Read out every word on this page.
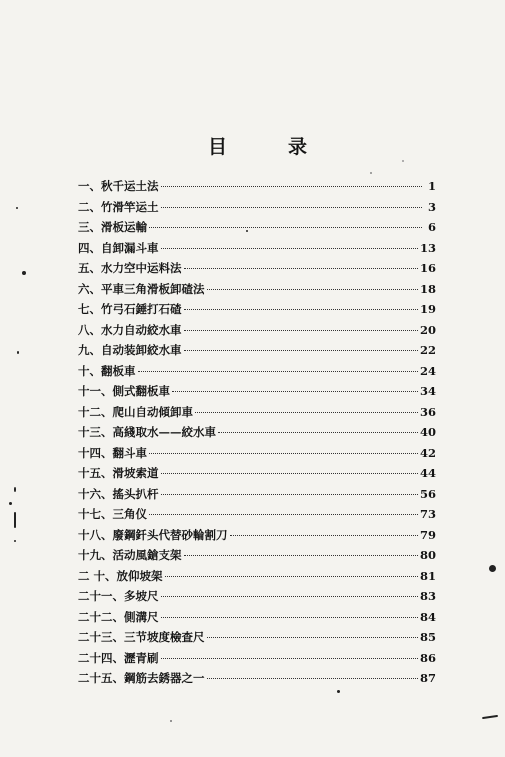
目	录
一 、 秋千运土法	1
二 、 竹滑竿运土	3
三 、 滑板运輸	6
四 、 自卸漏斗車	13
五 、 水力空中运料法	16
六 、 平車三角滑板卸碴法	18
七 、 竹弓石錘打石碴	19
八 、 水力自动絞水車	20
九 、 自动装卸絞水車	22
十 、 翻板車	24
十一 、 側式翻板車	34
十二 、 爬山自动傾卸車	36
十三 、 高綫取水——絞水車	40
十四 、 翻斗車	42
十五 、 滑坡索道	44
十六 、 搖头扒杆	56
十七 、 三角仪	73
十八 、 廢鋼釺头代替砂輪割刀	79
十九 、 活动風鎗支架	80
二 十 、 放仰坡架	81
二十一 、 多坡尺	83
二十二 、 側溝尺	84
二十三 、 三节坡度檢查尺	85
二十四 、 瀝青刷	86
二十五 、 鋼筋去銹器之一	87
